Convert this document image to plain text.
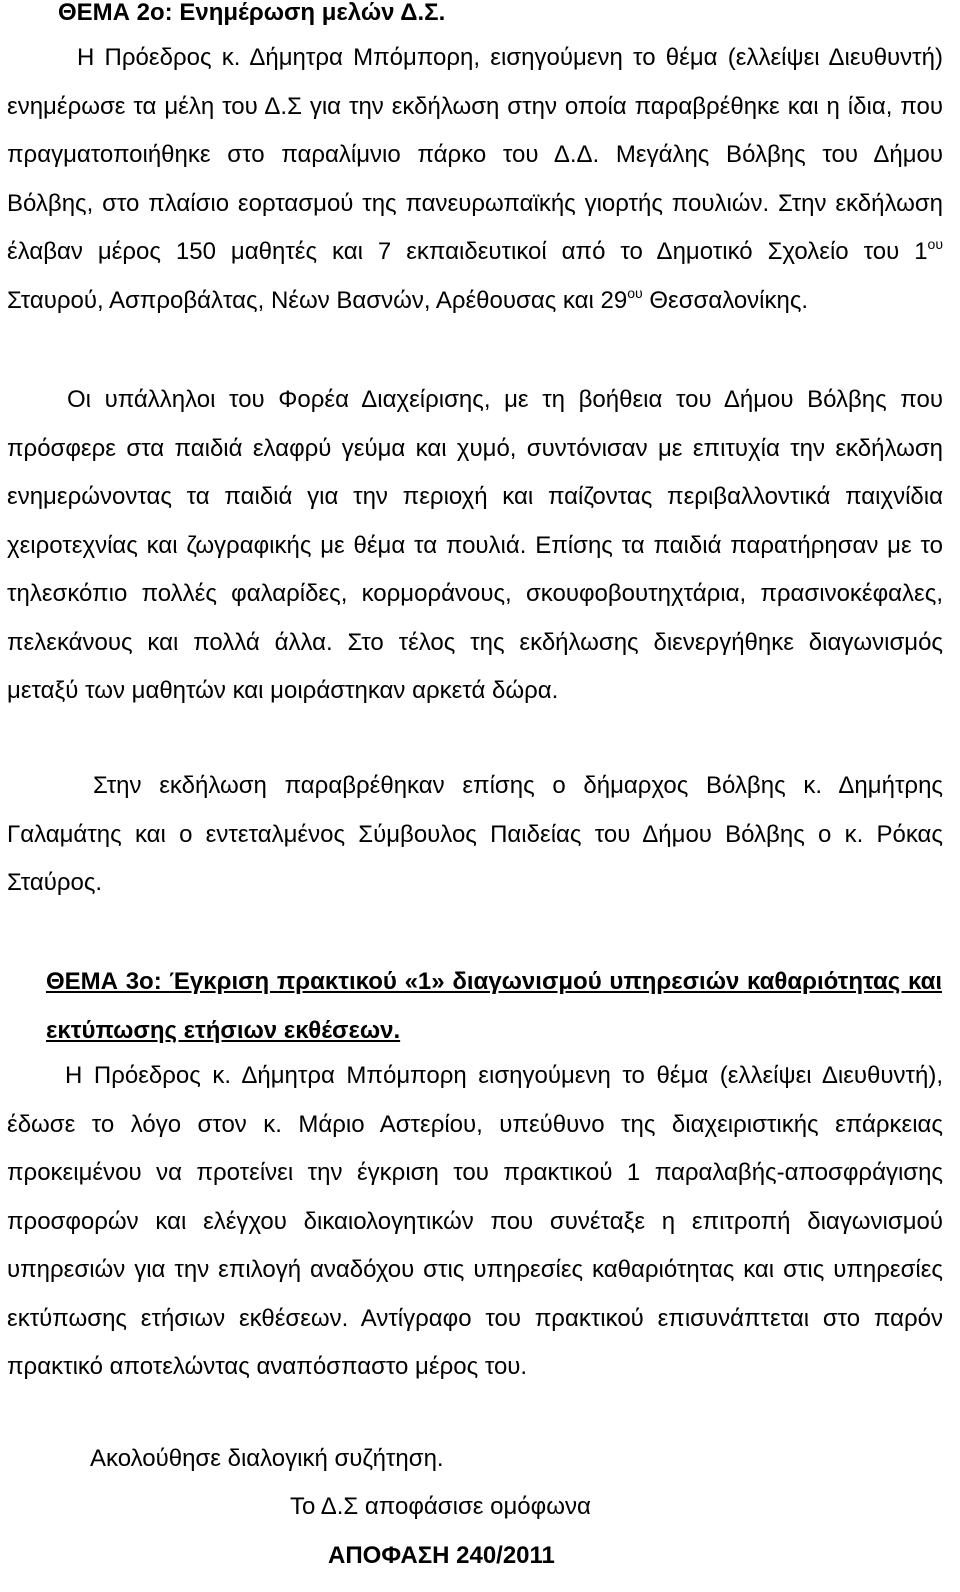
ΘΕΜΑ 2ο: Ενημέρωση μελών Δ.Σ.

Η Πρόεδρος κ. Δήμητρα Μπόμπορη, εισηγούμενη το θέμα (ελλείψει Διευθυντή) ενημέρωσε τα μέλη του Δ.Σ για την εκδήλωση στην οποία παραβρέθηκε και η ίδια, που πραγματοποιήθηκε στο παραλίμνιο πάρκο του Δ.Δ. Μεγάλης Βόλβης του Δήμου Βόλβης, στο πλαίσιο εορτασμού της πανευρωπαϊκής γιορτής πουλιών. Στην εκδήλωση έλαβαν μέρος 150 μαθητές και 7 εκπαιδευτικοί από το Δημοτικό Σχολείο του $1^{o\upsilon}$ Σταυρού, Ασπροβάλτας, Νέων Βασνών, Αρέθουσας και $29^{o\upsilon}$ Θεσσαλονίκης.

Οι υπάλληλοι του Φορέα Διαχείρισης, με τη βοήθεια του Δήμου Βόλβης που πρόσφερε στα παιδιά ελαφρύ γεύμα και χυμό, συντόνισαν με επιτυχία την εκδήλωση ενημερώνοντας τα παιδιά για την περιοχή και παίζοντας περιβαλλοντικά παιχνίδια χειροτεχνίας και ζωγραφικής με θέμα τα πουλιά. Επίσης τα παιδιά παρατήρησαν με το τηλεσκόπιο πολλές φαλαρίδες, κορμοράνους, σκουφοβουτηχτάρια, πρασινοκέφαλες, πελεκάνους και πολλά άλλα. Στο τέλος της εκδήλωσης διενεργήθηκε διαγωνισμός μεταξύ των μαθητών και μοιράστηκαν αρκετά δώρα.

Στην εκδήλωση παραβρέθηκαν επίσης ο δήμαρχος Βόλβης κ. Δημήτρης Γαλαμάτης και ο εντεταλμένος Σύμβουλος Παιδείας του Δήμου Βόλβης ο κ. Ρόκας Σταύρος.

ΘΕΜΑ 3ο: Έγκριση πρακτικού «1» διαγωνισμού υπηρεσιών καθαριότητας και εκτύπωσης ετήσιων εκθέσεων.

Η Πρόεδρος κ. Δήμητρα Μπόμπορη εισηγούμενη το θέμα (ελλείψει Διευθυντή), έδωσε το λόγο στον κ. Μάριο Αστερίου, υπεύθυνο της διαχειριστικής επάρκειας προκειμένου να προτείνει την έγκριση του πρακτικού 1 παραλαβής-αποσφράγισης προσφορών και ελέγχου δικαιολογητικών που συνέταξε η επιτροπή διαγωνισμού υπηρεσιών για την επιλογή αναδόχου στις υπηρεσίες καθαριότητας και στις υπηρεσίες εκτύπωσης ετήσιων εκθέσεων. Αντίγραφο του πρακτικού επισυνάπτεται στο παρόν πρακτικό αποτελώντας αναπόσπαστο μέρος του.

Ακολούθησε διαλογική συζήτηση.

Το Δ.Σ αποφάσισε ομόφωνα

ΑΠΟΦΑΣΗ 240/2011
